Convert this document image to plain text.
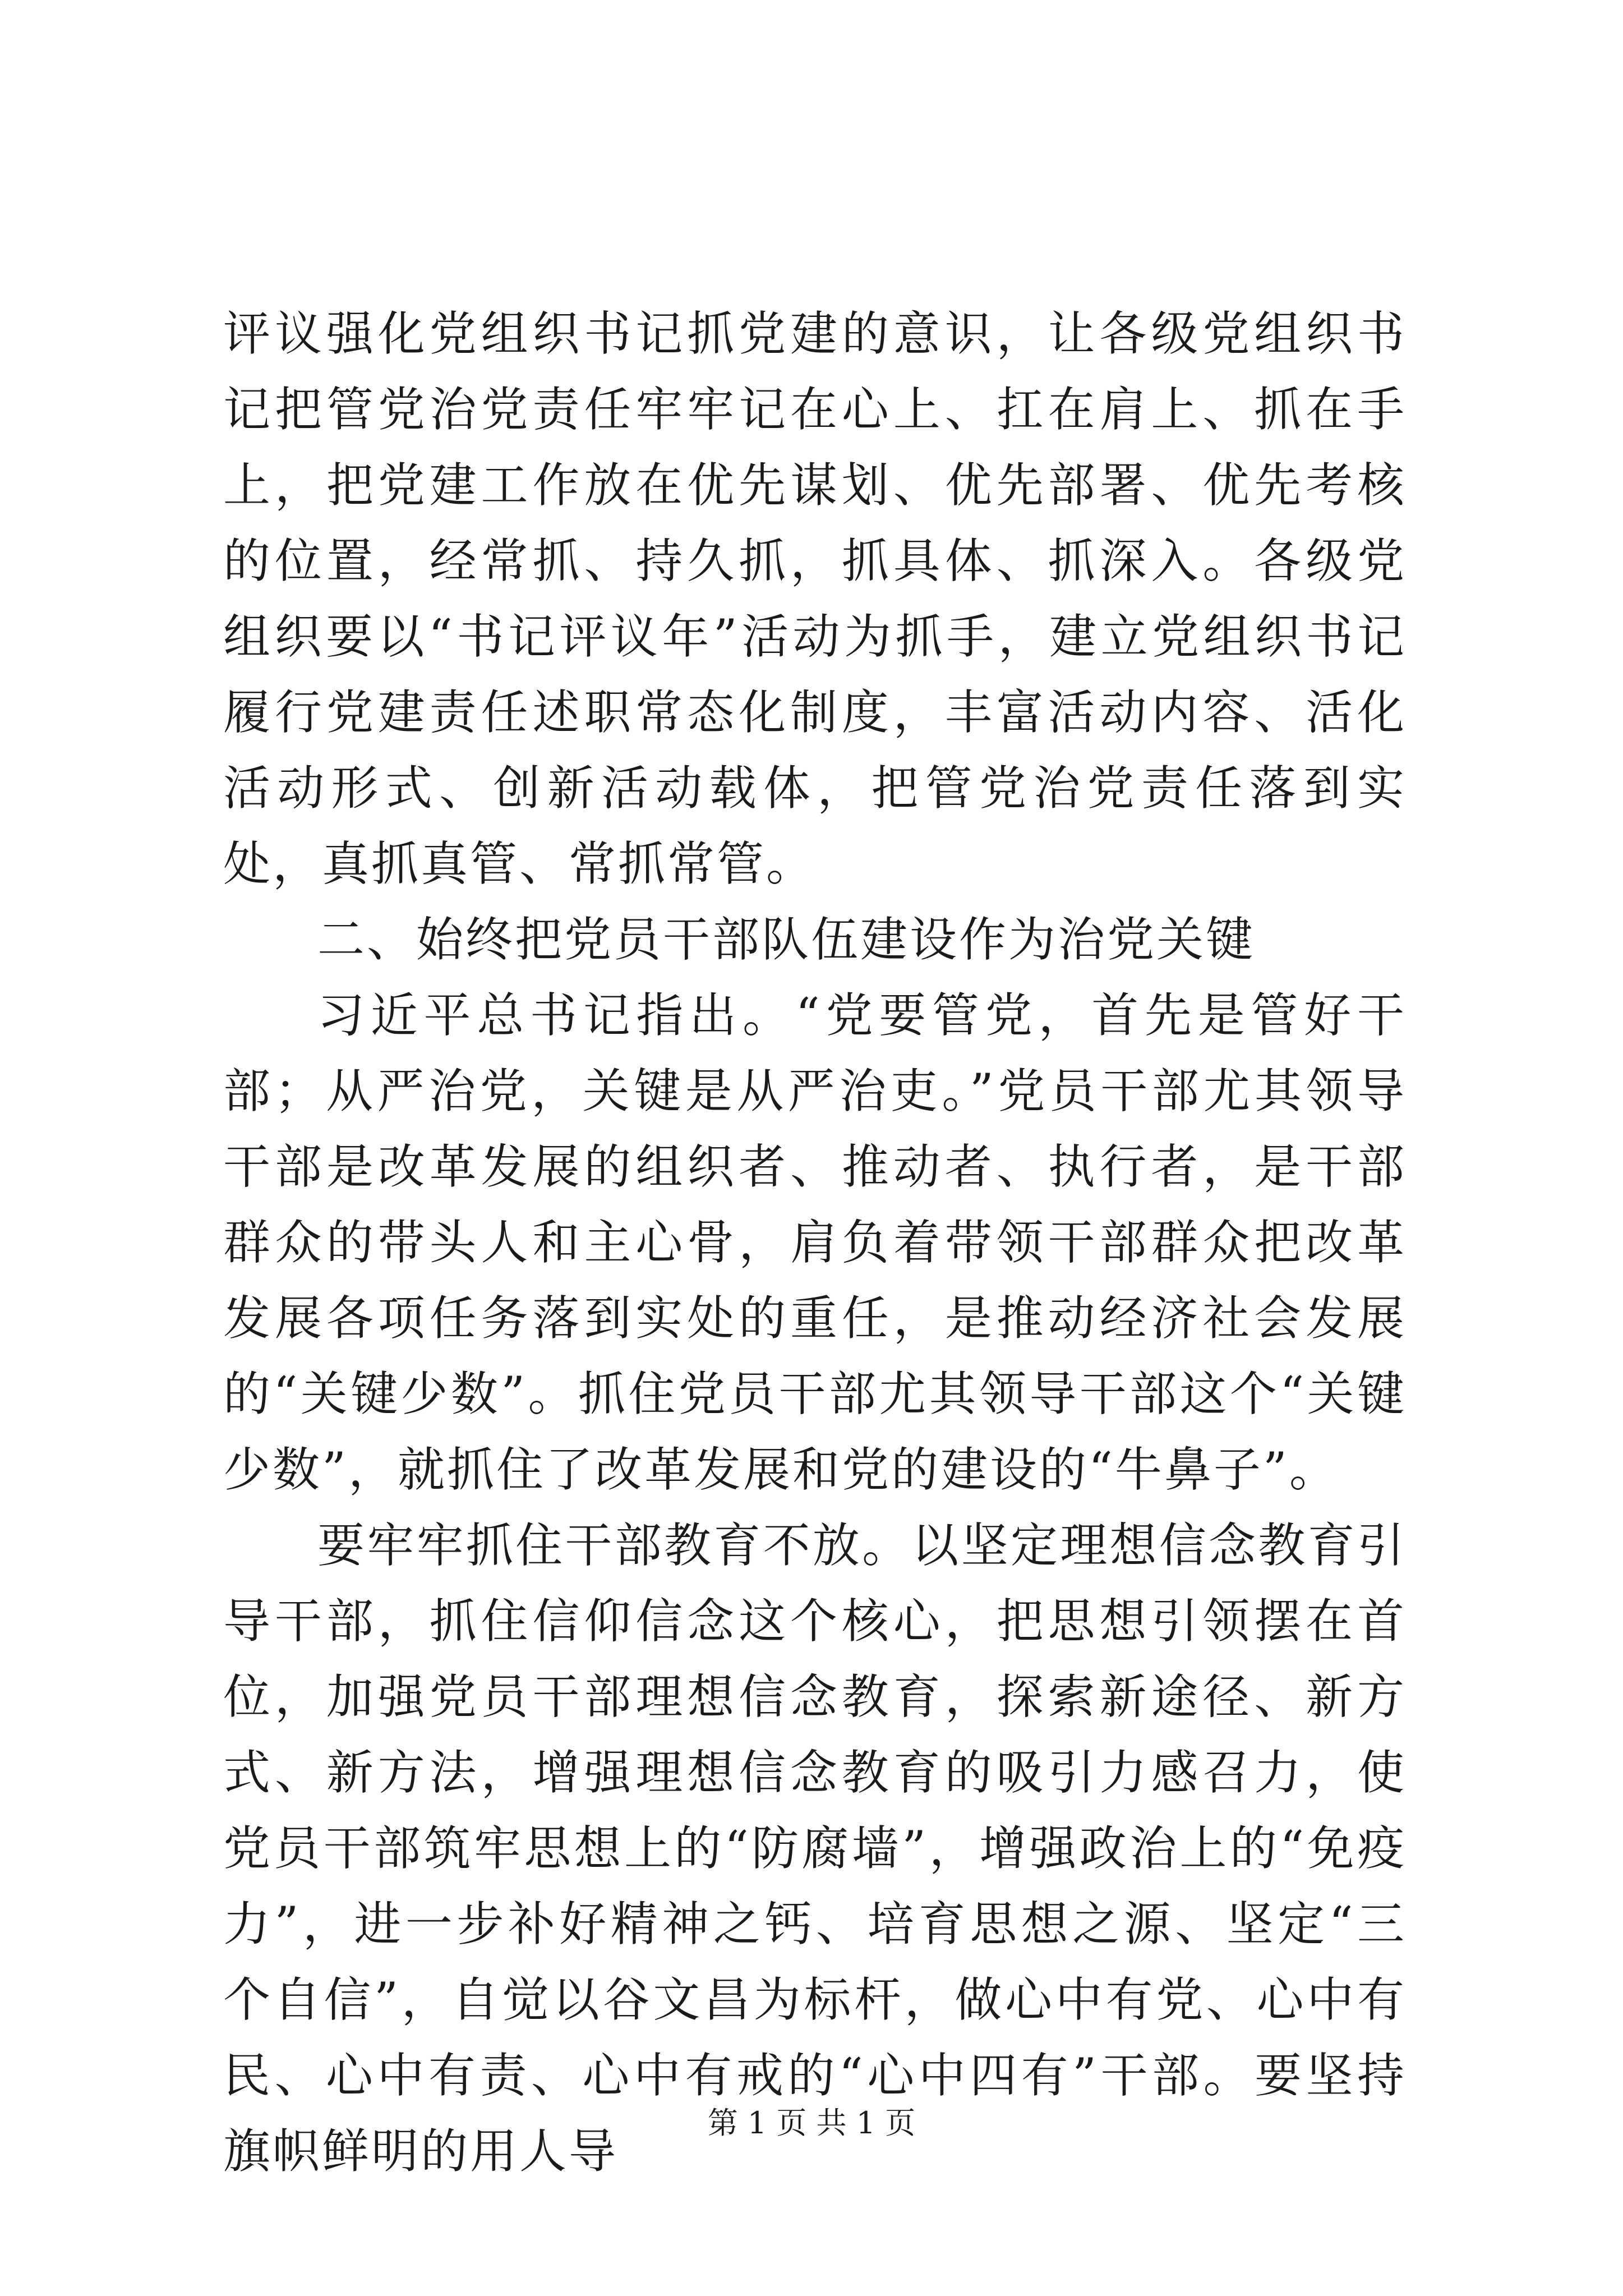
评议强化党组织书记抓党建的意识，让各级党组织书记把管党治党责任牢牢记在心上、扛在肩上、抓在手上，把党建工作放在优先谋划、优先部署、优先考核的位置，经常抓、持久抓，抓具体、抓深入。各级党组织要以“书记评议年”活动为抓手，建立党组织书记履行党建责任述职常态化制度，丰富活动内容、活化活动形式、创新活动载体，把管党治党责任落到实处，真抓真管、常抓常管。

二、始终把党员干部队伍建设作为治党关键

习近平总书记指出。“党要管党，首先是管好干部；从严治党，关键是从严治吏。”党员干部尤其领导干部是改革发展的组织者、推动者、执行者，是干部群众的带头人和主心骨，肩负着带领干部群众把改革发展各项任务落到实处的重任，是推动经济社会发展的“关键少数”。抓住党员干部尤其领导干部这个“关键少数”，就抓住了改革发展和党的建设的“牛鼻子”。

要牢牢抓住干部教育不放。以坚定理想信念教育引导干部，抓住信仰信念这个核心，把思想引领摆在首位，加强党员干部理想信念教育，探索新途径、新方式、新方法，增强理想信念教育的吸引力感召力，使党员干部筑牢思想上的“防腐墙”，增强政治上的“免疫力”，进一步补好精神之钙、培育思想之源、坚定“三个自信”，自觉以谷文昌为标杆，做心中有党、心中有民、心中有责、心中有戒的“心中四有”干部。要坚持旗帜鲜明的用人导

第 1 页 共 1 页
